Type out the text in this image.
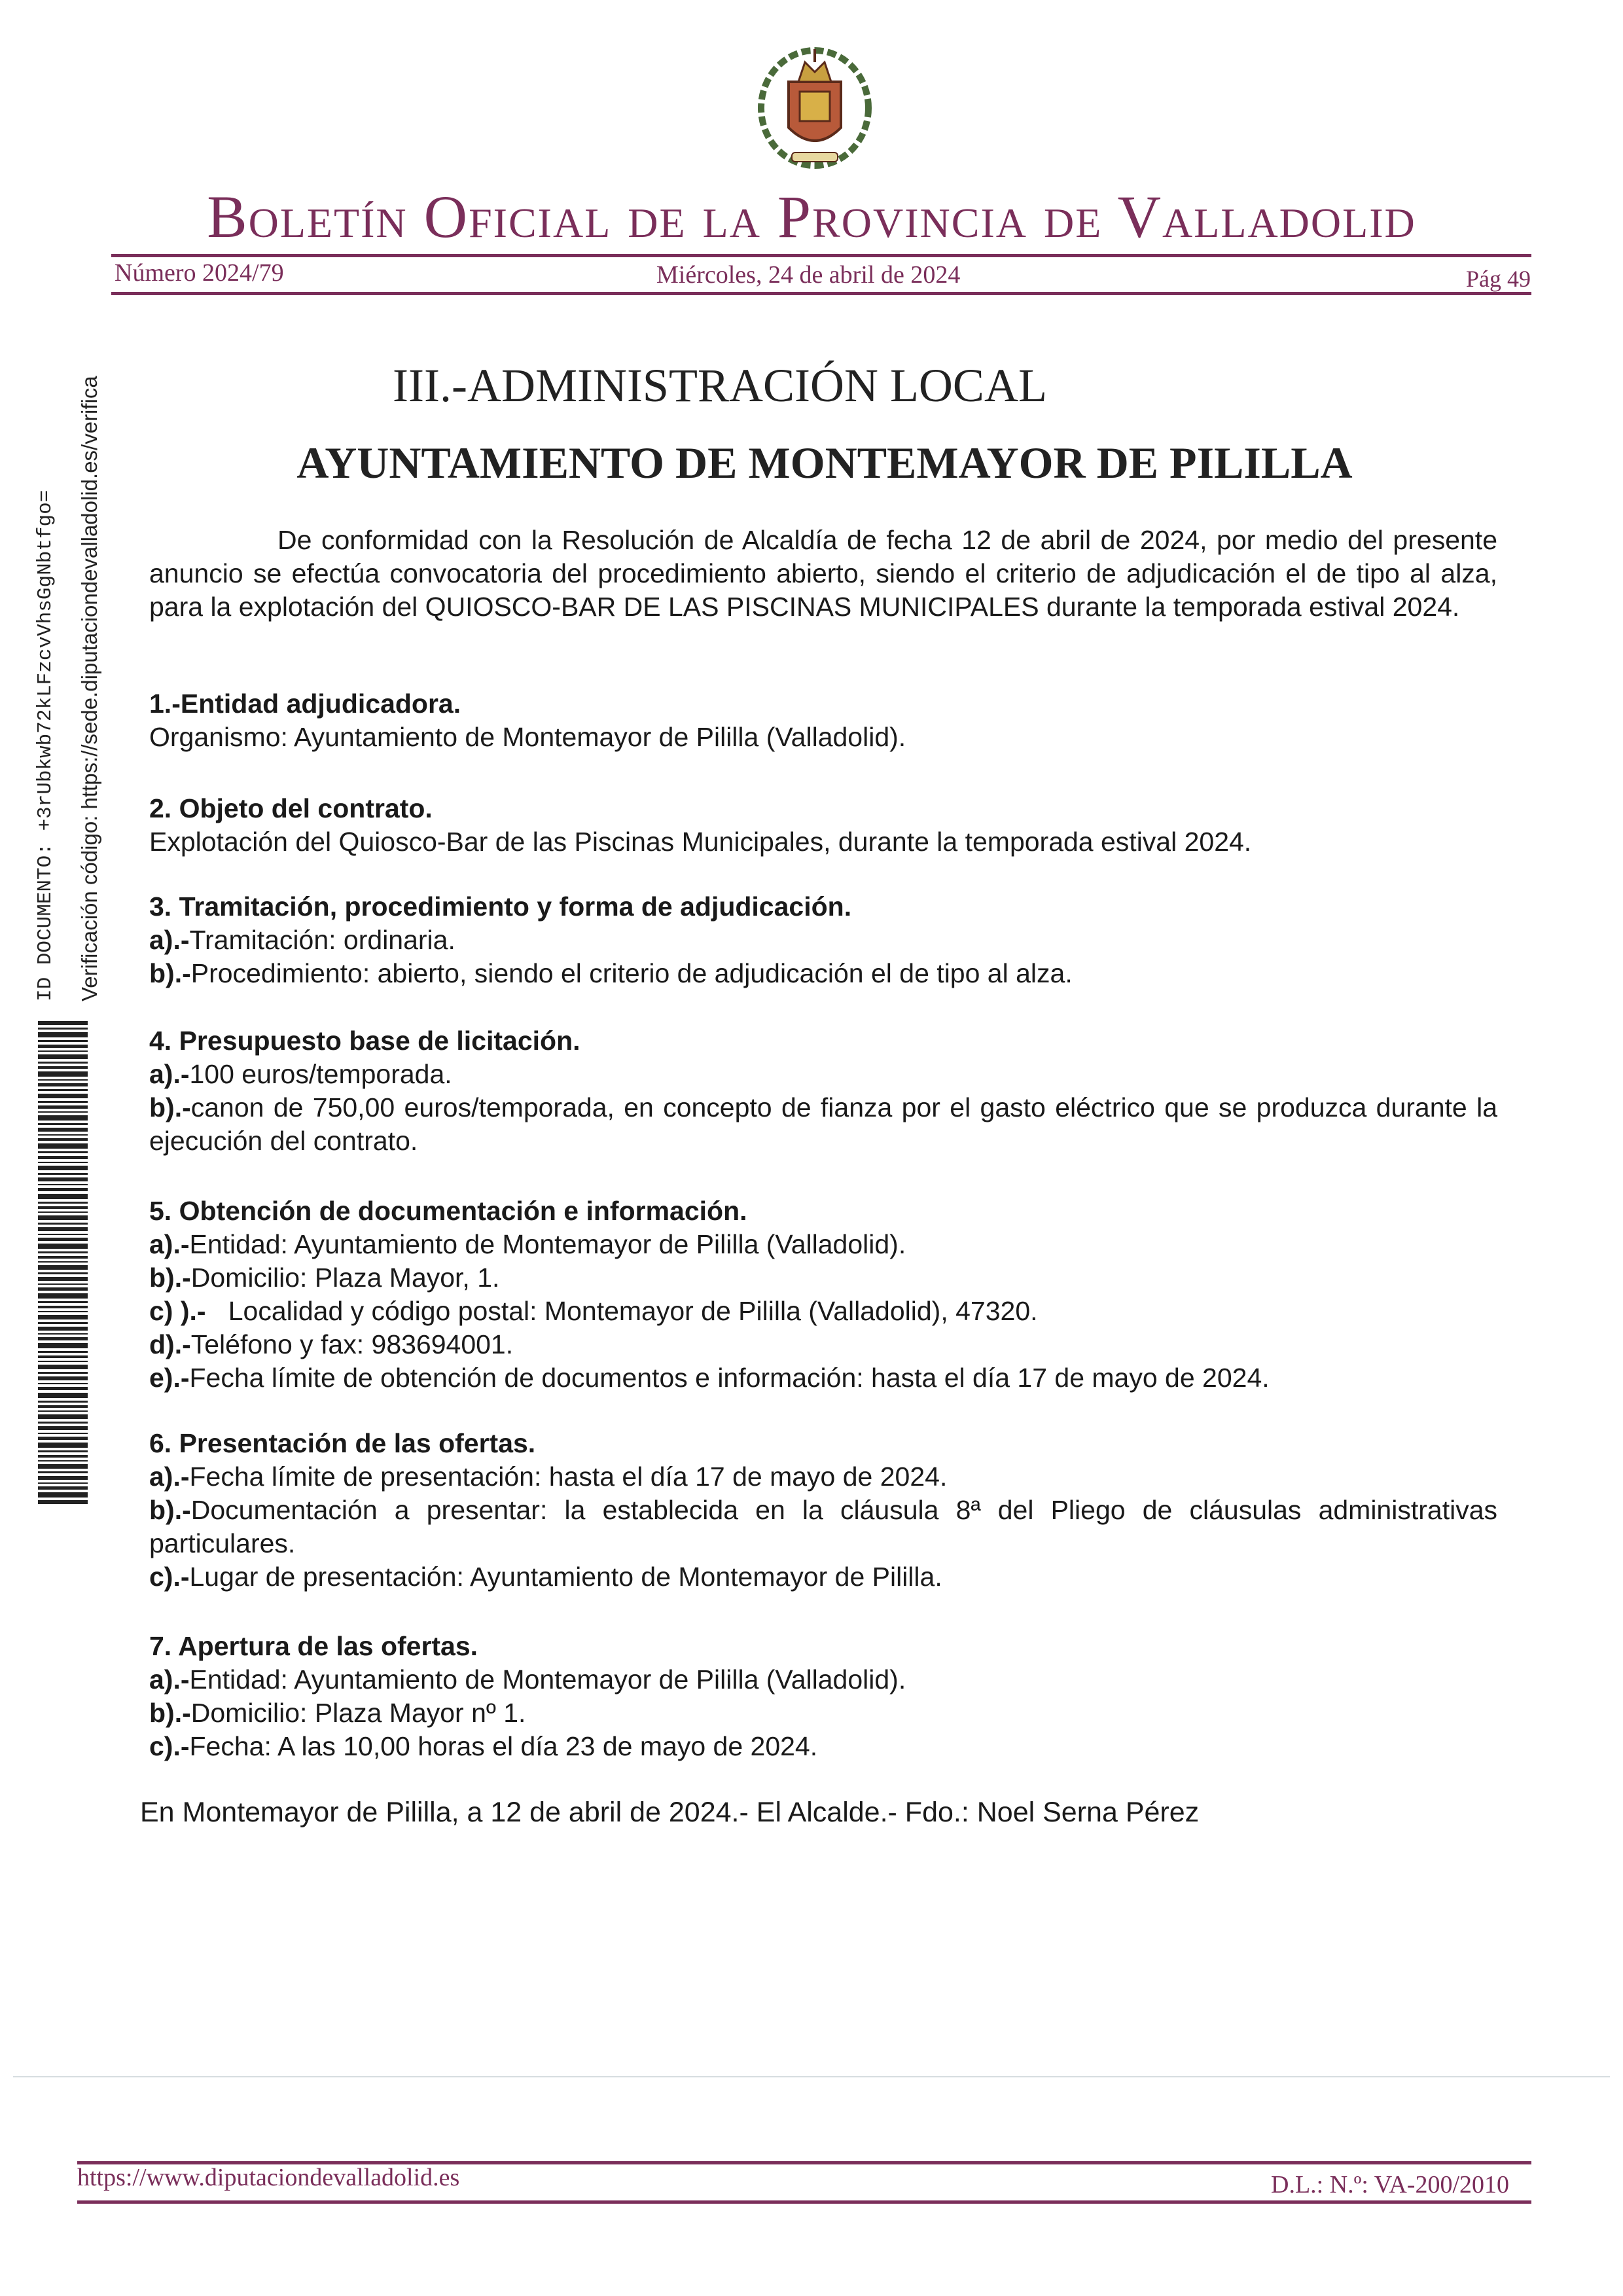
Boletín Oficial de la Provincia de Valladolid
Número 2024/79	Miércoles, 24 de abril de 2024	Pág 49
ID DOCUMENTO: +3rUbkwb72kLFzcvVhsGgNbtfgo= Verificación código: https://sede.diputaciondevalladolid.es/verifica	III.-ADMINISTRACIÓN LOCAL
AYUNTAMIENTO DE MONTEMAYOR DE PILILLA

De conformidad con la Resolución de Alcaldía de fecha 12 de abril de 2024, por medio del presente anuncio se efectúa convocatoria del procedimiento abierto, siendo el criterio de adjudicación el de tipo al alza, para la explotación del QUIOSCO-BAR DE LAS PISCINAS MUNICIPALES durante la temporada estival 2024.

1.-Entidad adjudicadora.

Organismo: Ayuntamiento de Montemayor de Pililla (Valladolid).

2. Objeto del contrato.

Explotación del Quiosco-Bar de las Piscinas Municipales, durante la temporada estival 2024.

3. Tramitación, procedimiento y forma de adjudicación.

a).-Tramitación: ordinaria.

b).-Procedimiento: abierto, siendo el criterio de adjudicación el de tipo al alza.

4. Presupuesto base de licitación.

a).-100 euros/temporada.

b).-canon de 750,00 euros/temporada, en concepto de fianza por el gasto eléctrico que se produzca durante la ejecución del contrato.

5. Obtención de documentación e información.

a).-Entidad: Ayuntamiento de Montemayor de Pililla (Valladolid).

b).-Domicilio: Plaza Mayor, 1.

c) ).-   Localidad y código postal: Montemayor de Pililla (Valladolid), 47320.

d).-Teléfono y fax: 983694001.

e).-Fecha límite de obtención de documentos e información: hasta el día 17 de mayo de 2024.

6. Presentación de las ofertas.

a).-Fecha límite de presentación: hasta el día 17 de mayo de 2024.

b).-Documentación a presentar: la establecida en la cláusula 8ª del Pliego de cláusulas administrativas particulares.

c).-Lugar de presentación: Ayuntamiento de Montemayor de Pililla.

7. Apertura de las ofertas.

a).-Entidad: Ayuntamiento de Montemayor de Pililla (Valladolid).

b).-Domicilio: Plaza Mayor nº 1.

c).-Fecha: A las 10,00 horas el día 23 de mayo de 2024.

En Montemayor de Pililla, a 12 de abril de 2024.- El Alcalde.- Fdo.: Noel Serna Pérez
https://www.diputaciondevalladolid.es	D.L.: N.º: VA-200/2010
